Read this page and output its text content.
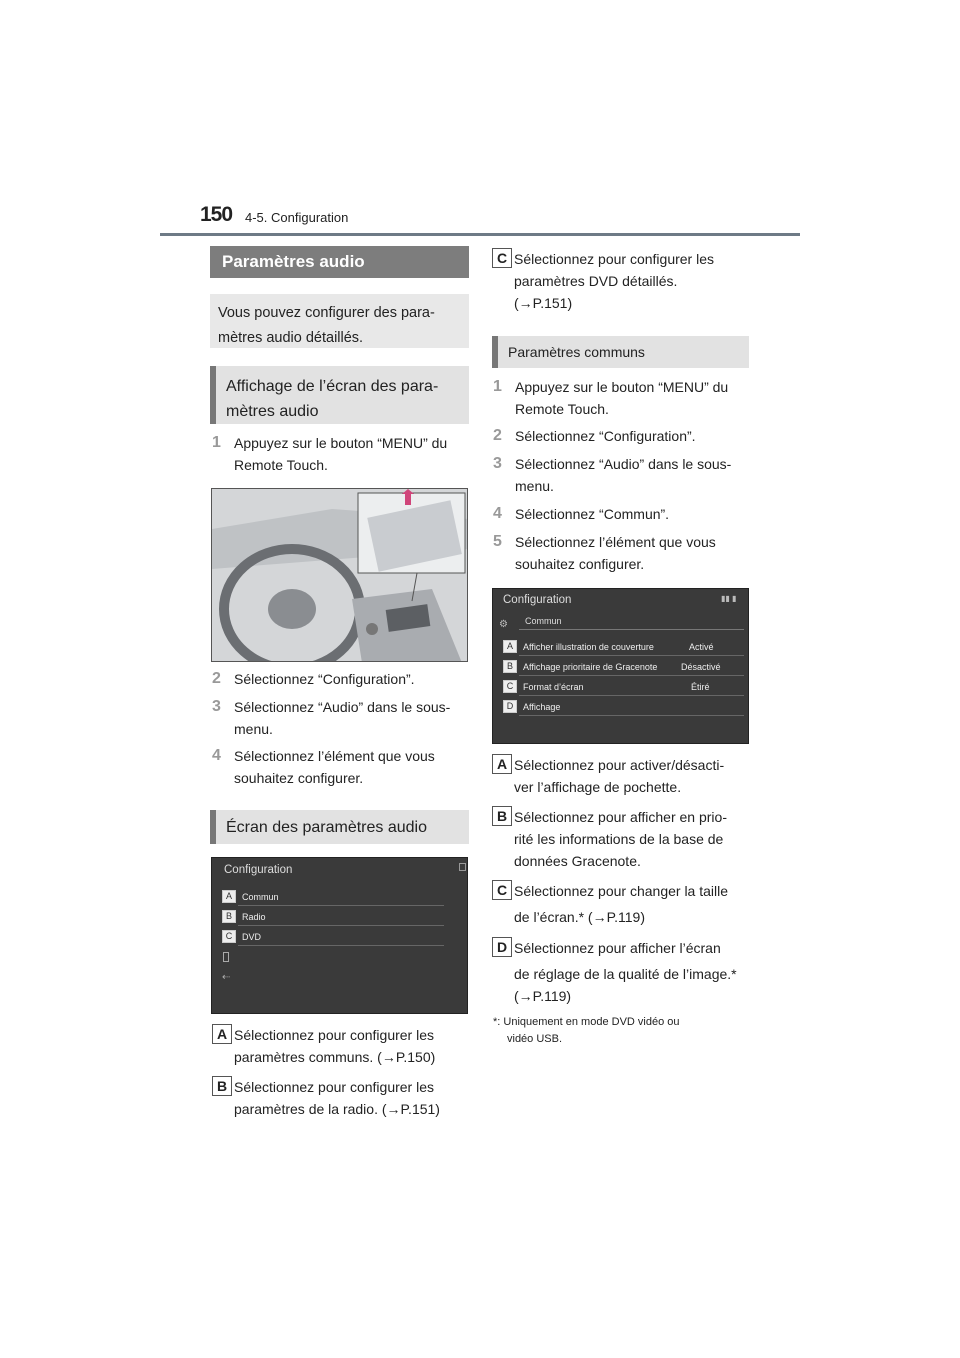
150 4-5. Configuration
Paramètres audio
Vous pouvez configurer des para-
mètres audio détaillés.
Affichage de l’écran des para-
mètres audio
1 Appuyez sur le bouton “MENU” du
Remote Touch.
2 Sélectionnez “Configuration”.
3 Sélectionnez “Audio” dans le sous-
menu.
4 Sélectionnez l’élément que vous
souhaitez configurer.
Écran des paramètres audio
Configuration
Commun
Radio
DVD
A
B
C
⇠
A Sélectionnez pour configurer les
paramètres communs. (→P.150)
B Sélectionnez pour configurer les
paramètres de la radio. (→P.151)
C Sélectionnez pour configurer les
paramètres DVD détaillés.
(→P.151)
Paramètres communs
1 Appuyez sur le bouton “MENU” du
Remote Touch.
2 Sélectionnez “Configuration”.
3 Sélectionnez “Audio” dans le sous-
menu.
4 Sélectionnez “Commun”.
5 Sélectionnez l’élément que vous
souhaitez configurer.
Configuration	▮▮ ▮
⚙ Commun
Afficher illustration de couverture	Activé
Affichage prioritaire de Gracenote	Désactivé
Format d’écran	Étiré
Affichage
A
B
C
D
A Sélectionnez pour activer/désacti-
ver l’affichage de pochette.
B Sélectionnez pour afficher en prio-
rité les informations de la base de
données Gracenote.
C Sélectionnez pour changer la taille
de l’écran.* (→P.119)
D Sélectionnez pour afficher l’écran
de réglage de la qualité de l’image.*
(→P.119)
*: Uniquement en mode DVD vidéo ou
vidéo USB.
